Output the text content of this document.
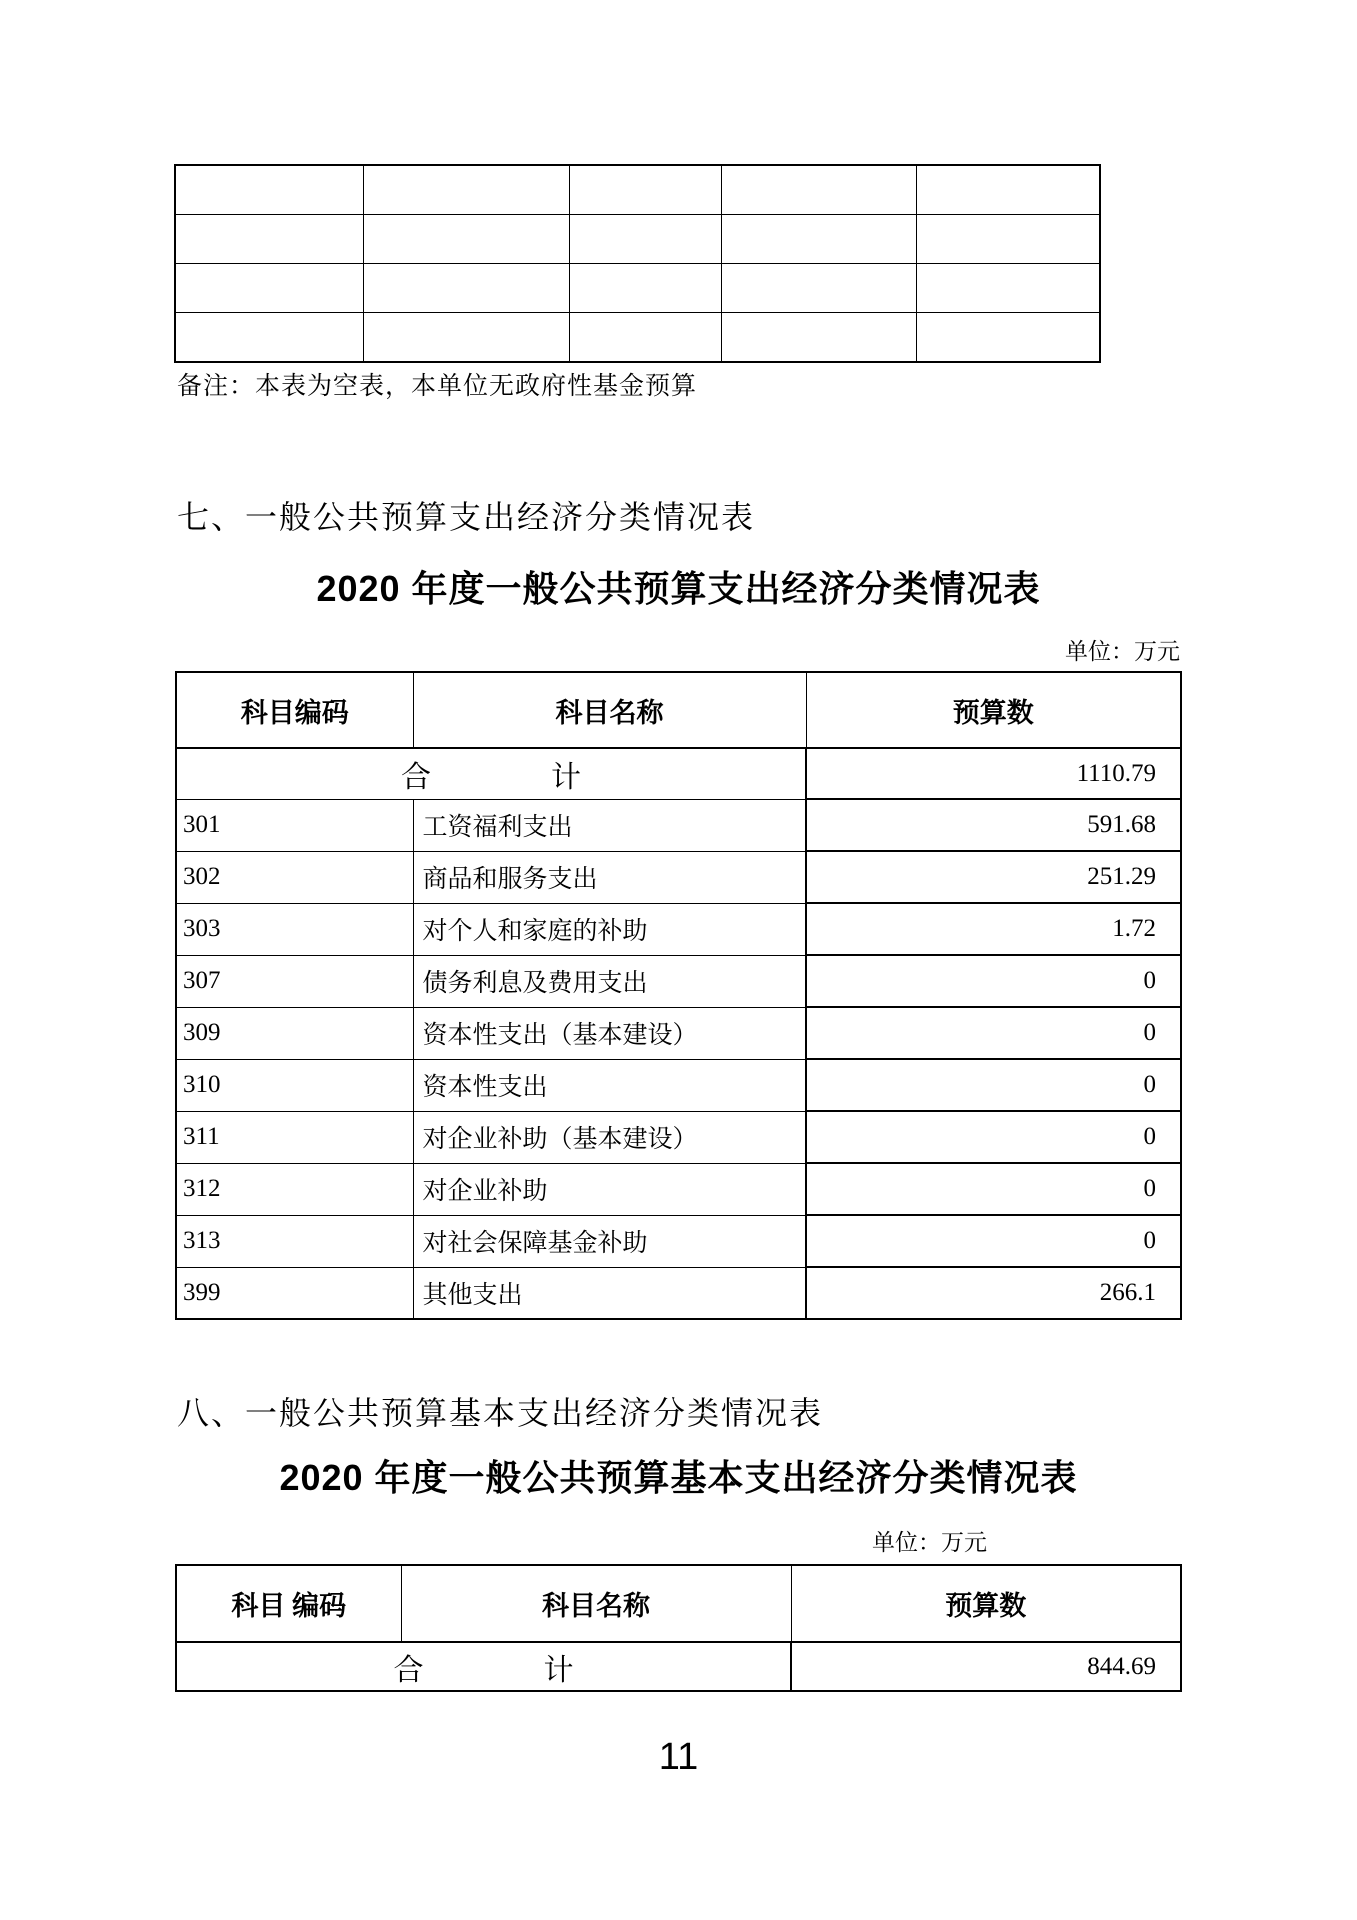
备注：本表为空表，本单位无政府性基金预算
七、一般公共预算支出经济分类情况表
2020 年度一般公共预算支出经济分类情况表
单位：万元
科目编码	科目名称	预算数
合　　　　计		1110.79
301	工资福利支出	591.68
302	商品和服务支出	251.29
303	对个人和家庭的补助	1.72
307	债务利息及费用支出	0
309	资本性支出（基本建设）	0
310	资本性支出	0
311	对企业补助（基本建设）	0
312	对企业补助	0
313	对社会保障基金补助	0
399	其他支出	266.1
八、一般公共预算基本支出经济分类情况表
2020 年度一般公共预算基本支出经济分类情况表
单位：万元
科目 编码	科目名称	预算数
合　　　　计		844.69
11
